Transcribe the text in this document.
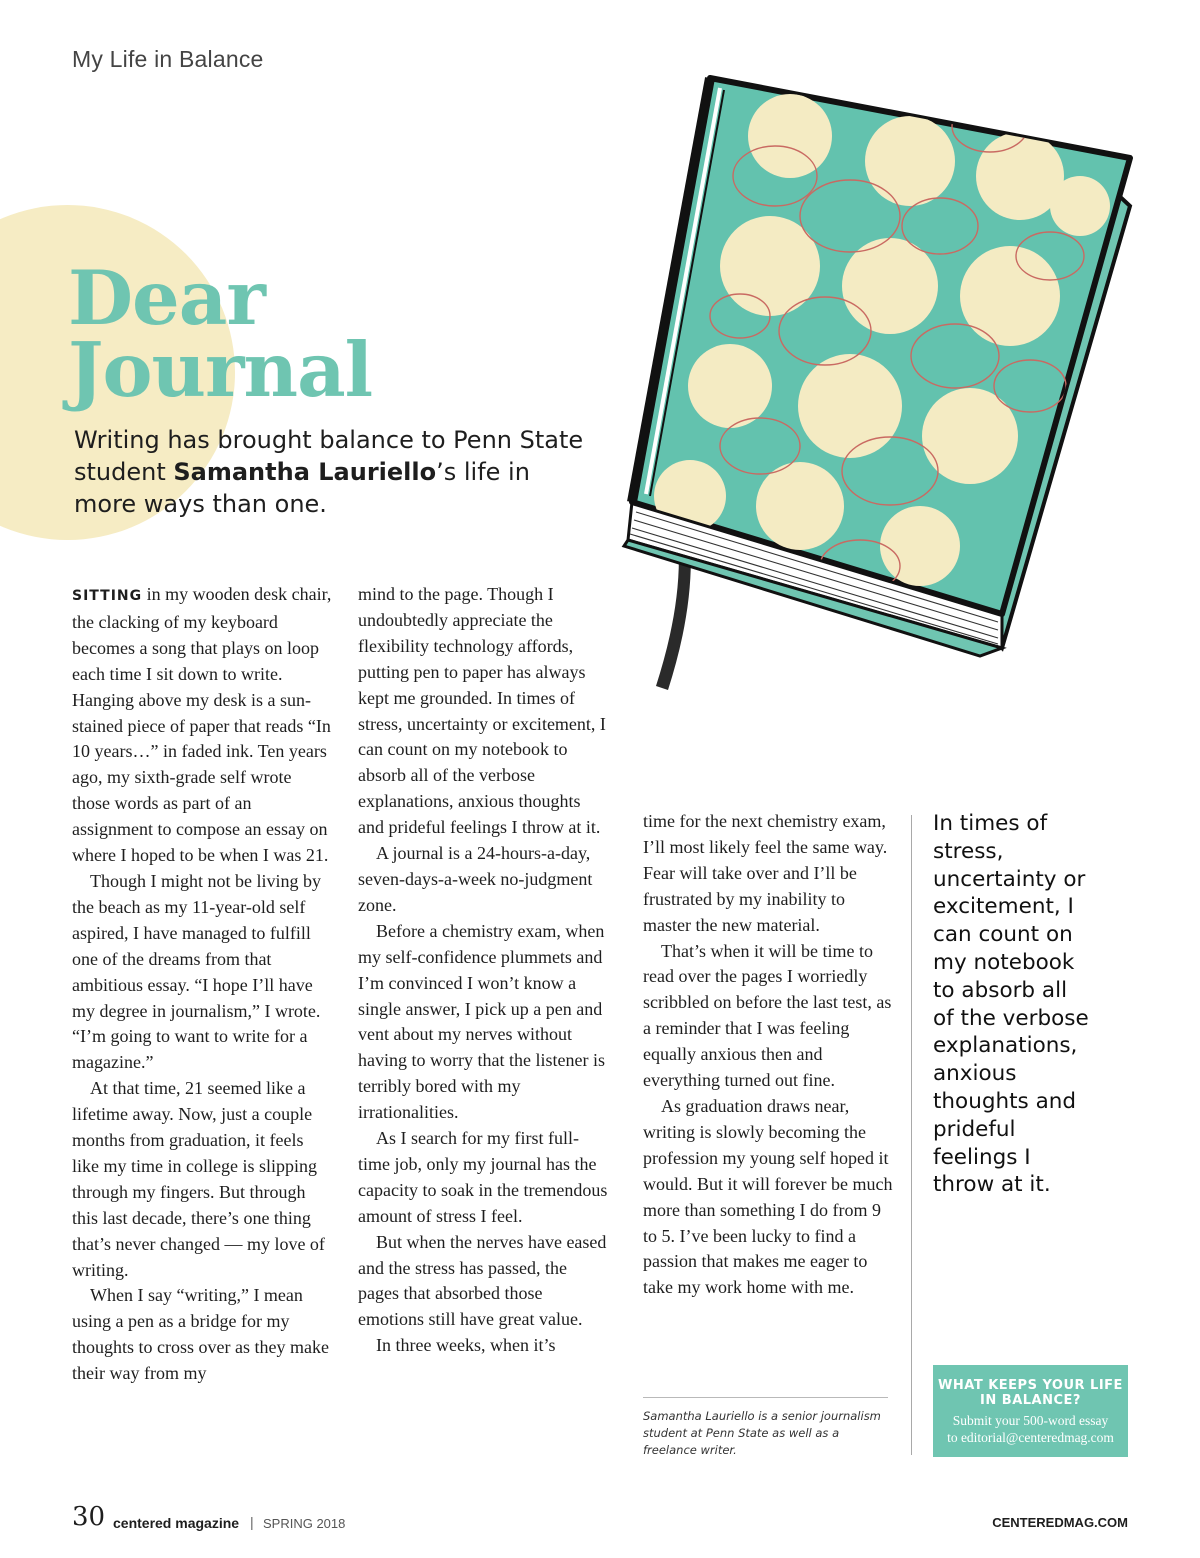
My Life in Balance
Dear
Journal
Writing has brought balance to Penn State student Samantha Lauriello’s life in more ways than one.

SITTING in my wooden desk chair, the clacking of my keyboard becomes a song that plays on loop each time I sit down to write. Hanging above my desk is a sun-stained piece of paper that reads “In 10 years…” in faded ink. Ten years ago, my sixth-grade self wrote those words as part of an assignment to compose an essay on where I hoped to be when I was 21.

Though I might not be living by the beach as my 11-year-old self aspired, I have managed to fulfill one of the dreams from that ambitious essay. “I hope I’ll have my degree in journalism,” I wrote. “I’m going to want to write for a magazine.”

At that time, 21 seemed like a lifetime away. Now, just a couple months from graduation, it feels like my time in college is slipping through my fingers. But through this last decade, there’s one thing that’s never changed — my love of writing.

When I say “writing,” I mean using a pen as a bridge for my thoughts to cross over as they make their way from my

mind to the page. Though I undoubtedly appreciate the flexibility technology affords, putting pen to paper has always kept me grounded. In times of stress, uncertainty or excitement, I can count on my notebook to absorb all of the verbose explanations, anxious thoughts and prideful feelings I throw at it.

A journal is a 24-hours-a-day, seven-days-a-week no-judgment zone.

Before a chemistry exam, when my self-confidence plummets and I’m convinced I won’t know a single answer, I pick up a pen and vent about my nerves without having to worry that the listener is terribly bored with my irrationalities.

As I search for my first full-time job, only my journal has the capacity to soak in the tremendous amount of stress I feel.

But when the nerves have eased and the stress has passed, the pages that absorbed those emotions still have great value.

In three weeks, when it’s

time for the next chemistry exam, I’ll most likely feel the same way. Fear will take over and I’ll be frustrated by my inability to master the new material.

That’s when it will be time to read over the pages I worriedly scribbled on before the last test, as a reminder that I was feeling equally anxious then and everything turned out fine.

As graduation draws near, writing is slowly becoming the profession my young self hoped it would. But it will forever be much more than something I do from 9 to 5. I’ve been lucky to find a passion that makes me eager to take my work home with me.

Samantha Lauriello is a senior journalism student at Penn State as well as a freelance writer.
In times of stress, uncertainty or excitement, I can count on my notebook to absorb all of the verbose explanations, anxious thoughts and prideful feelings I throw at it.
WHAT KEEPS YOUR LIFE IN BALANCE?
Submit your 500-word essay
to editorial@centeredmag.com
30 centered magazine | SPRING 2018	CENTEREDMAG.COM
